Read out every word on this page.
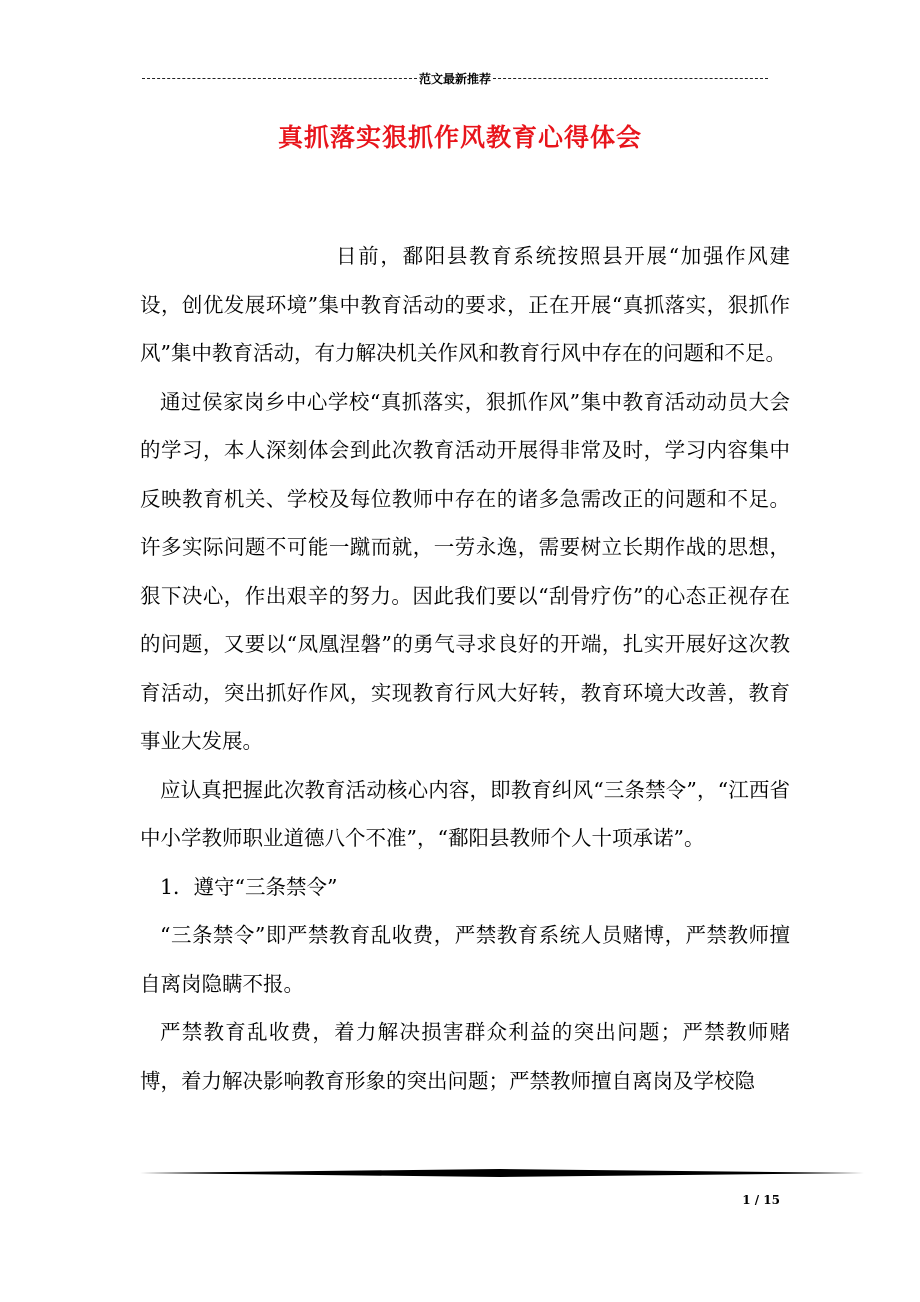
范文最新推荐
真抓落实狠抓作风教育心得体会

日前，鄱阳县教育系统按照县开展“加强作风建设，创优发展环境”集中教育活动的要求，正在开展“真抓落实，狠抓作风”集中教育活动，有力解决机关作风和教育行风中存在的问题和不足。

通过侯家岗乡中心学校“真抓落实，狠抓作风”集中教育活动动员大会的学习，本人深刻体会到此次教育活动开展得非常及时，学习内容集中反映教育机关、学校及每位教师中存在的诸多急需改正的问题和不足。许多实际问题不可能一蹴而就，一劳永逸，需要树立长期作战的思想，狠下决心，作出艰辛的努力。因此我们要以“刮骨疗伤”的心态正视存在的问题，又要以“凤凰涅磐”的勇气寻求良好的开端，扎实开展好这次教育活动，突出抓好作风，实现教育行风大好转，教育环境大改善，教育事业大发展。

应认真把握此次教育活动核心内容，即教育纠风“三条禁令”，“江西省中小学教师职业道德八个不准”，“鄱阳县教师个人十项承诺”。

1．遵守“三条禁令”

“三条禁令”即严禁教育乱收费，严禁教育系统人员赌博，严禁教师擅自离岗隐瞒不报。

严禁教育乱收费，着力解决损害群众利益的突出问题；严禁教师赌博，着力解决影响教育形象的突出问题；严禁教师擅自离岗及学校隐

1 / 15
